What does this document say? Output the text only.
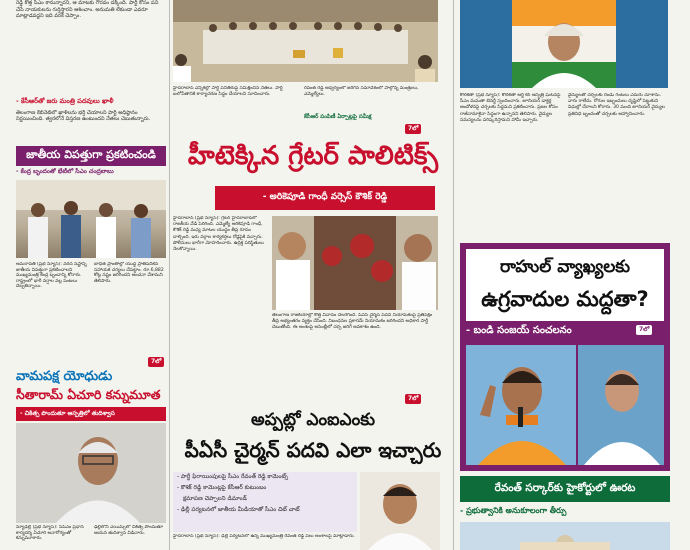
రెడ్డి కొత్త సీఎం కానున్నారని, ఆ మాటకు గౌరవం దక్కింది. పార్టీ కోసం పని చేసే నాయకులను గుర్తిస్తారని ఆశించాం. అనుమతి లేకుండా ఎవరూ మాట్లాడవద్దని ఇది వరకే చెప్పాం.
- కేసీఆర్‌తో జరు మంత్రి పదవులు ఖాళీ
తెలంగాణ కేబినెట్‌లో ఖాళీలను భర్తీ చేయాలని పార్టీ అధిష్ఠానం నిర్ణయించింది. త్వరలోనే విస్తరణ ఉంటుందని నేతలు చెబుతున్నారు.
జాతీయ విపత్తుగా ప్రకటించండి
- కేంద్ర బృందంతో భేటీలో సీఎం చంద్రబాబు
అమరావతి (ప్రభ న్యూస్): వరద నష్టాన్ని జాతీయ విపత్తుగా ప్రకటించాలని ముఖ్యమంత్రి కేంద్ర బృందాన్ని కోరారు. రాష్ట్రంలో భారీ వర్షాల వల్ల పంటలు దెబ్బతిన్నాయి.
బాధిత ప్రాంతాల్లో యుద్ధ ప్రాతిపదికన సహాయక చర్యలు చేపట్టాం. రూ.6,882 కోట్ల నష్టం జరిగిందని అంచనా వేశామని తెలిపారు.
7లో
వామపక్ష యోధుడు
సీతారామ్ ఏచూరి కన్నుమూత
- చికిత్స పొందుతూ ఆస్పత్రిలో తుదిశ్వాస
న్యూఢిల్లీ (ప్రభ న్యూస్): సీపీఎం ప్రధాన కార్యదర్శి ఏచూరి అనారోగ్యంతో కన్నుమూశారు.
ఢిల్లీలోని ఎయిమ్స్‌లో చికిత్స పొందుతూ ఆయన తుదిశ్వాస విడిచారు.
హైదరాబాద్ ఎన్నికల్లో పార్టీ పనితీరుపై సమీక్షించిన నేతలు. పార్టీ బలోపేతానికి కార్యాచరణ సిద్ధం చేయాలని సూచించారు.
రేవంత్ రెడ్డి ఆధ్వర్యంలో జరిగిన సమావేశంలో పాల్గొన్న మంత్రులు, ఎమ్మెల్యేలు.
కేసీఆర్ పంపిణీ ఏర్పాట్లపై సమీక్ష
7లో
హీటెక్కిన గ్రేటర్ పాలిటిక్స్
- అరికెపూడి గాంధీ వర్సెస్ కౌశిక్ రెడ్డి
హైదరాబాద్ (ప్రభ న్యూస్): గ్రేటర్ హైదరాబాద్‌లో రాజకీయ వేడి పెరిగింది. ఎమ్మెల్యే అరికెపూడి గాంధీ, కౌశిక్ రెడ్డి మధ్య మాటల యుద్ధం తీవ్ర రూపం దాల్చింది. ఇరు వర్గాల కార్యకర్తలు రోడ్లపైకి వచ్చారు. పోలీసులు భారీగా మోహరించారు. ఉద్రిక్త పరిస్థితులు నెలకొన్నాయి.
తెలంగాణ రాజకీయాల్లో కొత్త వివాదం చెలరేగింది. పీఏసీ చైర్మన్ పదవి నియామకంపై ప్రతిపక్షం తీవ్ర అభ్యంతరం వ్యక్తం చేసింది. నిబంధనల ప్రకారమే నియామకం జరిగిందని అధికార పార్టీ చెబుతోంది. ఈ అంశంపై అసెంబ్లీలో చర్చ జరిగే అవకాశం ఉంది.
7లో
అప్పట్లో ఎంఐఎంకు
పీఏసీ చైర్మన్ పదవి ఎలా ఇచ్చారు
- పార్టీ ఫిరాయింపులపై సీఎం రేవంత్ రెడ్డి కామెంట్స్
- కౌశిక్ రెడ్డి కామెంట్లపై కేసీఆర్ కుటుంబం
క్షమాపణ చెప్పాలని డిమాండ్
- ఢిల్లీ పర్యటనలో జాతీయ మీడియాతో సీఎం చిట్ చాట్
హైదరాబాద్ (ప్రభ న్యూస్): ఢిల్లీ పర్యటనలో ఉన్న ముఖ్యమంత్రి రేవంత్ రెడ్డి పలు అంశాలపై మాట్లాడారు.
కోల్‌కతా (ప్రభ న్యూస్): కోల్‌కతా ఆర్జీ కర్ ఆస్పత్రి ఘటనపై సీఎం మమతా బెనర్జీ స్పందించారు. జూనియర్ డాక్టర్ల ఆందోళనపై చర్చలకు సిద్ధమని ప్రకటించారు. ప్రజల కోసం రాజీనామాకైనా సిద్ధంగా ఉన్నానని తెలిపారు. వైద్యుల సమస్యలను పరిష్కరిస్తామని హామీ ఇచ్చారు.
వైద్యులతో చర్చలకు రెండు గంటలు ఎదురు చూశాను. వారు రాలేదు. రోగుల ఇబ్బందులు దృష్టిలో పెట్టుకుని విధుల్లో చేరాలని కోరారు. 30 మంది జూనియర్ వైద్యుల ప్రతినిధి బృందంతో చర్చలకు ఆహ్వానించారు.
రాహుల్ వ్యాఖ్యలకు
ఉగ్రవాదుల మద్దతా?
- బండి సంజయ్ సంచలనం	7లో
రేవంత్ సర్కార్‌కు హైకోర్టులో ఊరట
- ప్రభుత్వానికి అనుకూలంగా తీర్పు
